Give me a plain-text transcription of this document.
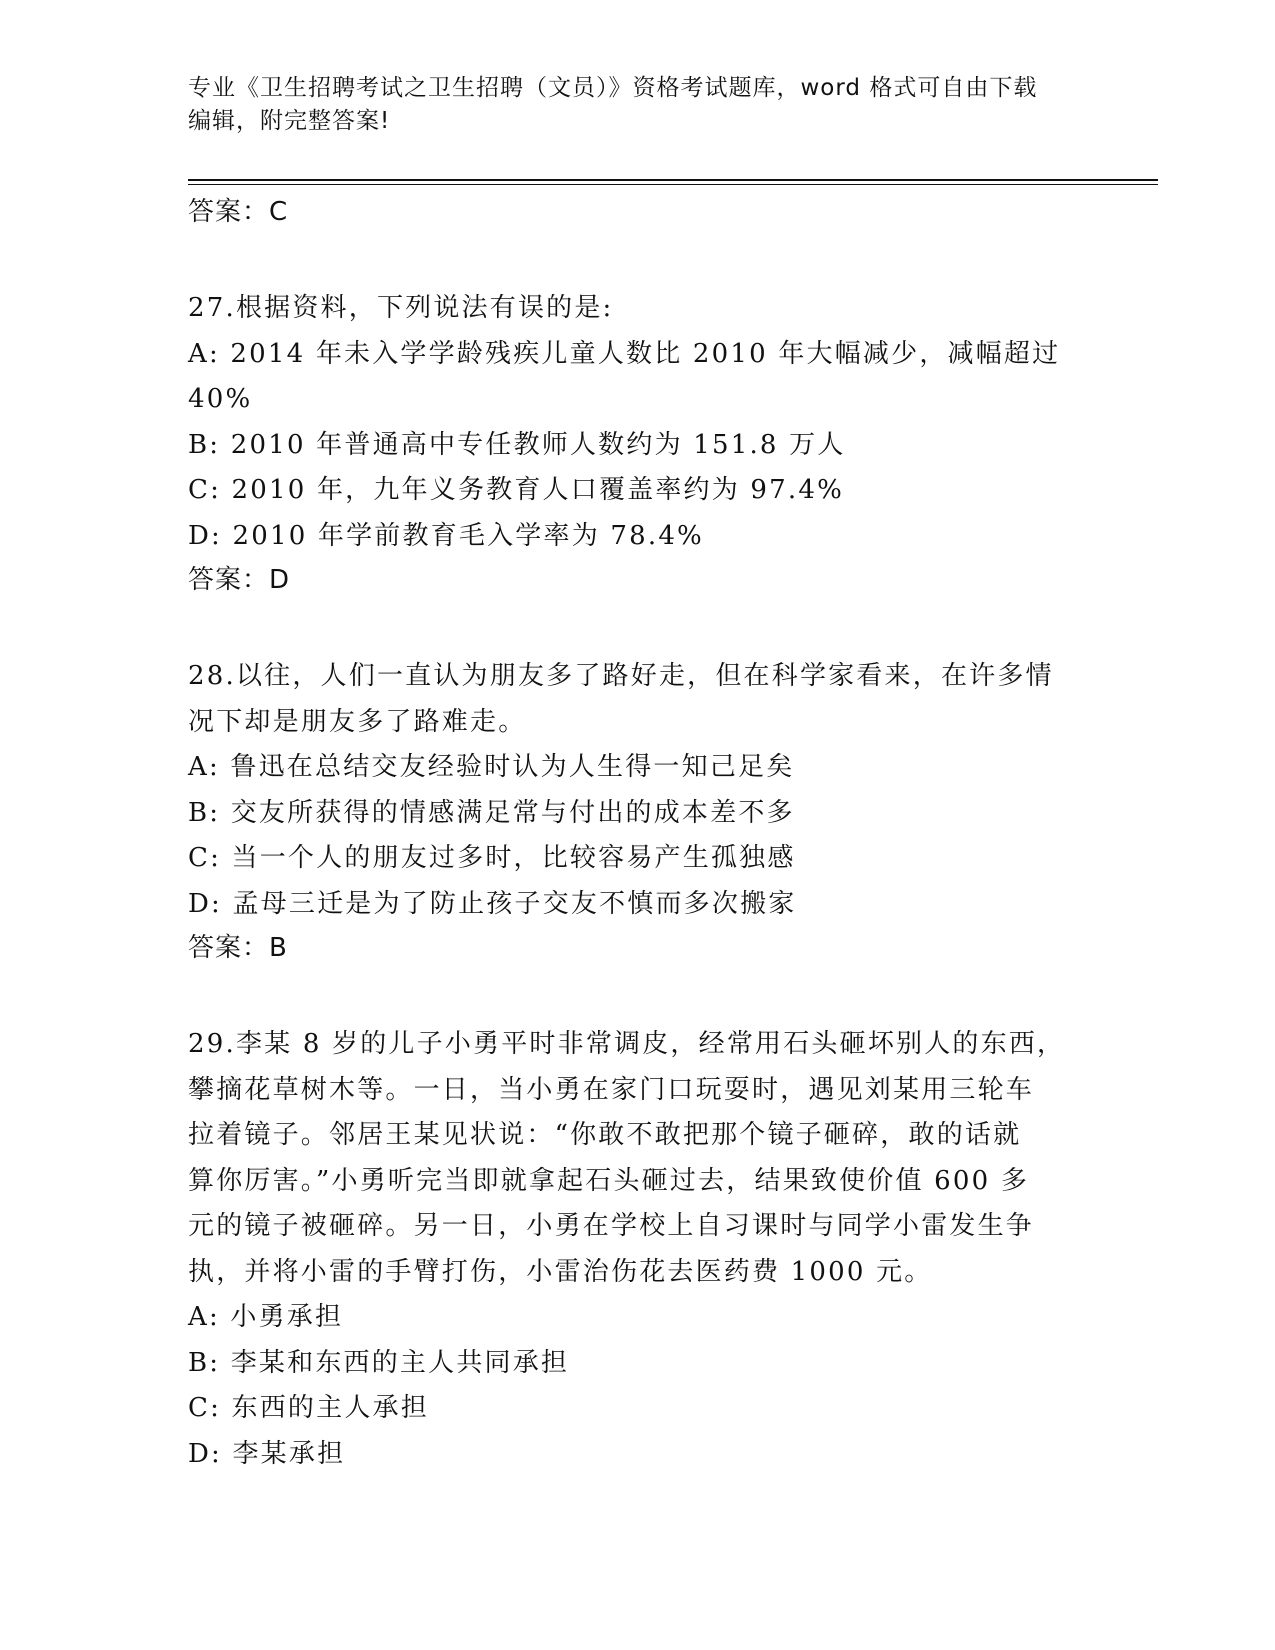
专业《卫生招聘考试之卫生招聘（文员）》资格考试题库，word 格式可自由下载
编辑，附完整答案!
答案：C
27.根据资料，下列说法有误的是:
A: 2014 年未入学学龄残疾儿童人数比 2010 年大幅减少，减幅超过
40%
B: 2010 年普通高中专任教师人数约为 151.8 万人
C: 2010 年，九年义务教育人口覆盖率约为 97.4%
D: 2010 年学前教育毛入学率为 78.4%
答案：D
28.以往，人们一直认为朋友多了路好走，但在科学家看来，在许多情
况下却是朋友多了路难走。
A: 鲁迅在总结交友经验时认为人生得一知己足矣
B: 交友所获得的情感满足常与付出的成本差不多
C: 当一个人的朋友过多时，比较容易产生孤独感
D: 孟母三迁是为了防止孩子交友不慎而多次搬家
答案：B
29.李某 8 岁的儿子小勇平时非常调皮，经常用石头砸坏别人的东西，
攀摘花草树木等。一日，当小勇在家门口玩耍时，遇见刘某用三轮车
拉着镜子。邻居王某见状说：“你敢不敢把那个镜子砸碎，敢的话就
算你厉害。”小勇听完当即就拿起石头砸过去，结果致使价值 600 多
元的镜子被砸碎。另一日，小勇在学校上自习课时与同学小雷发生争
执，并将小雷的手臂打伤，小雷治伤花去医药费 1000 元。
A: 小勇承担
B: 李某和东西的主人共同承担
C: 东西的主人承担
D: 李某承担
